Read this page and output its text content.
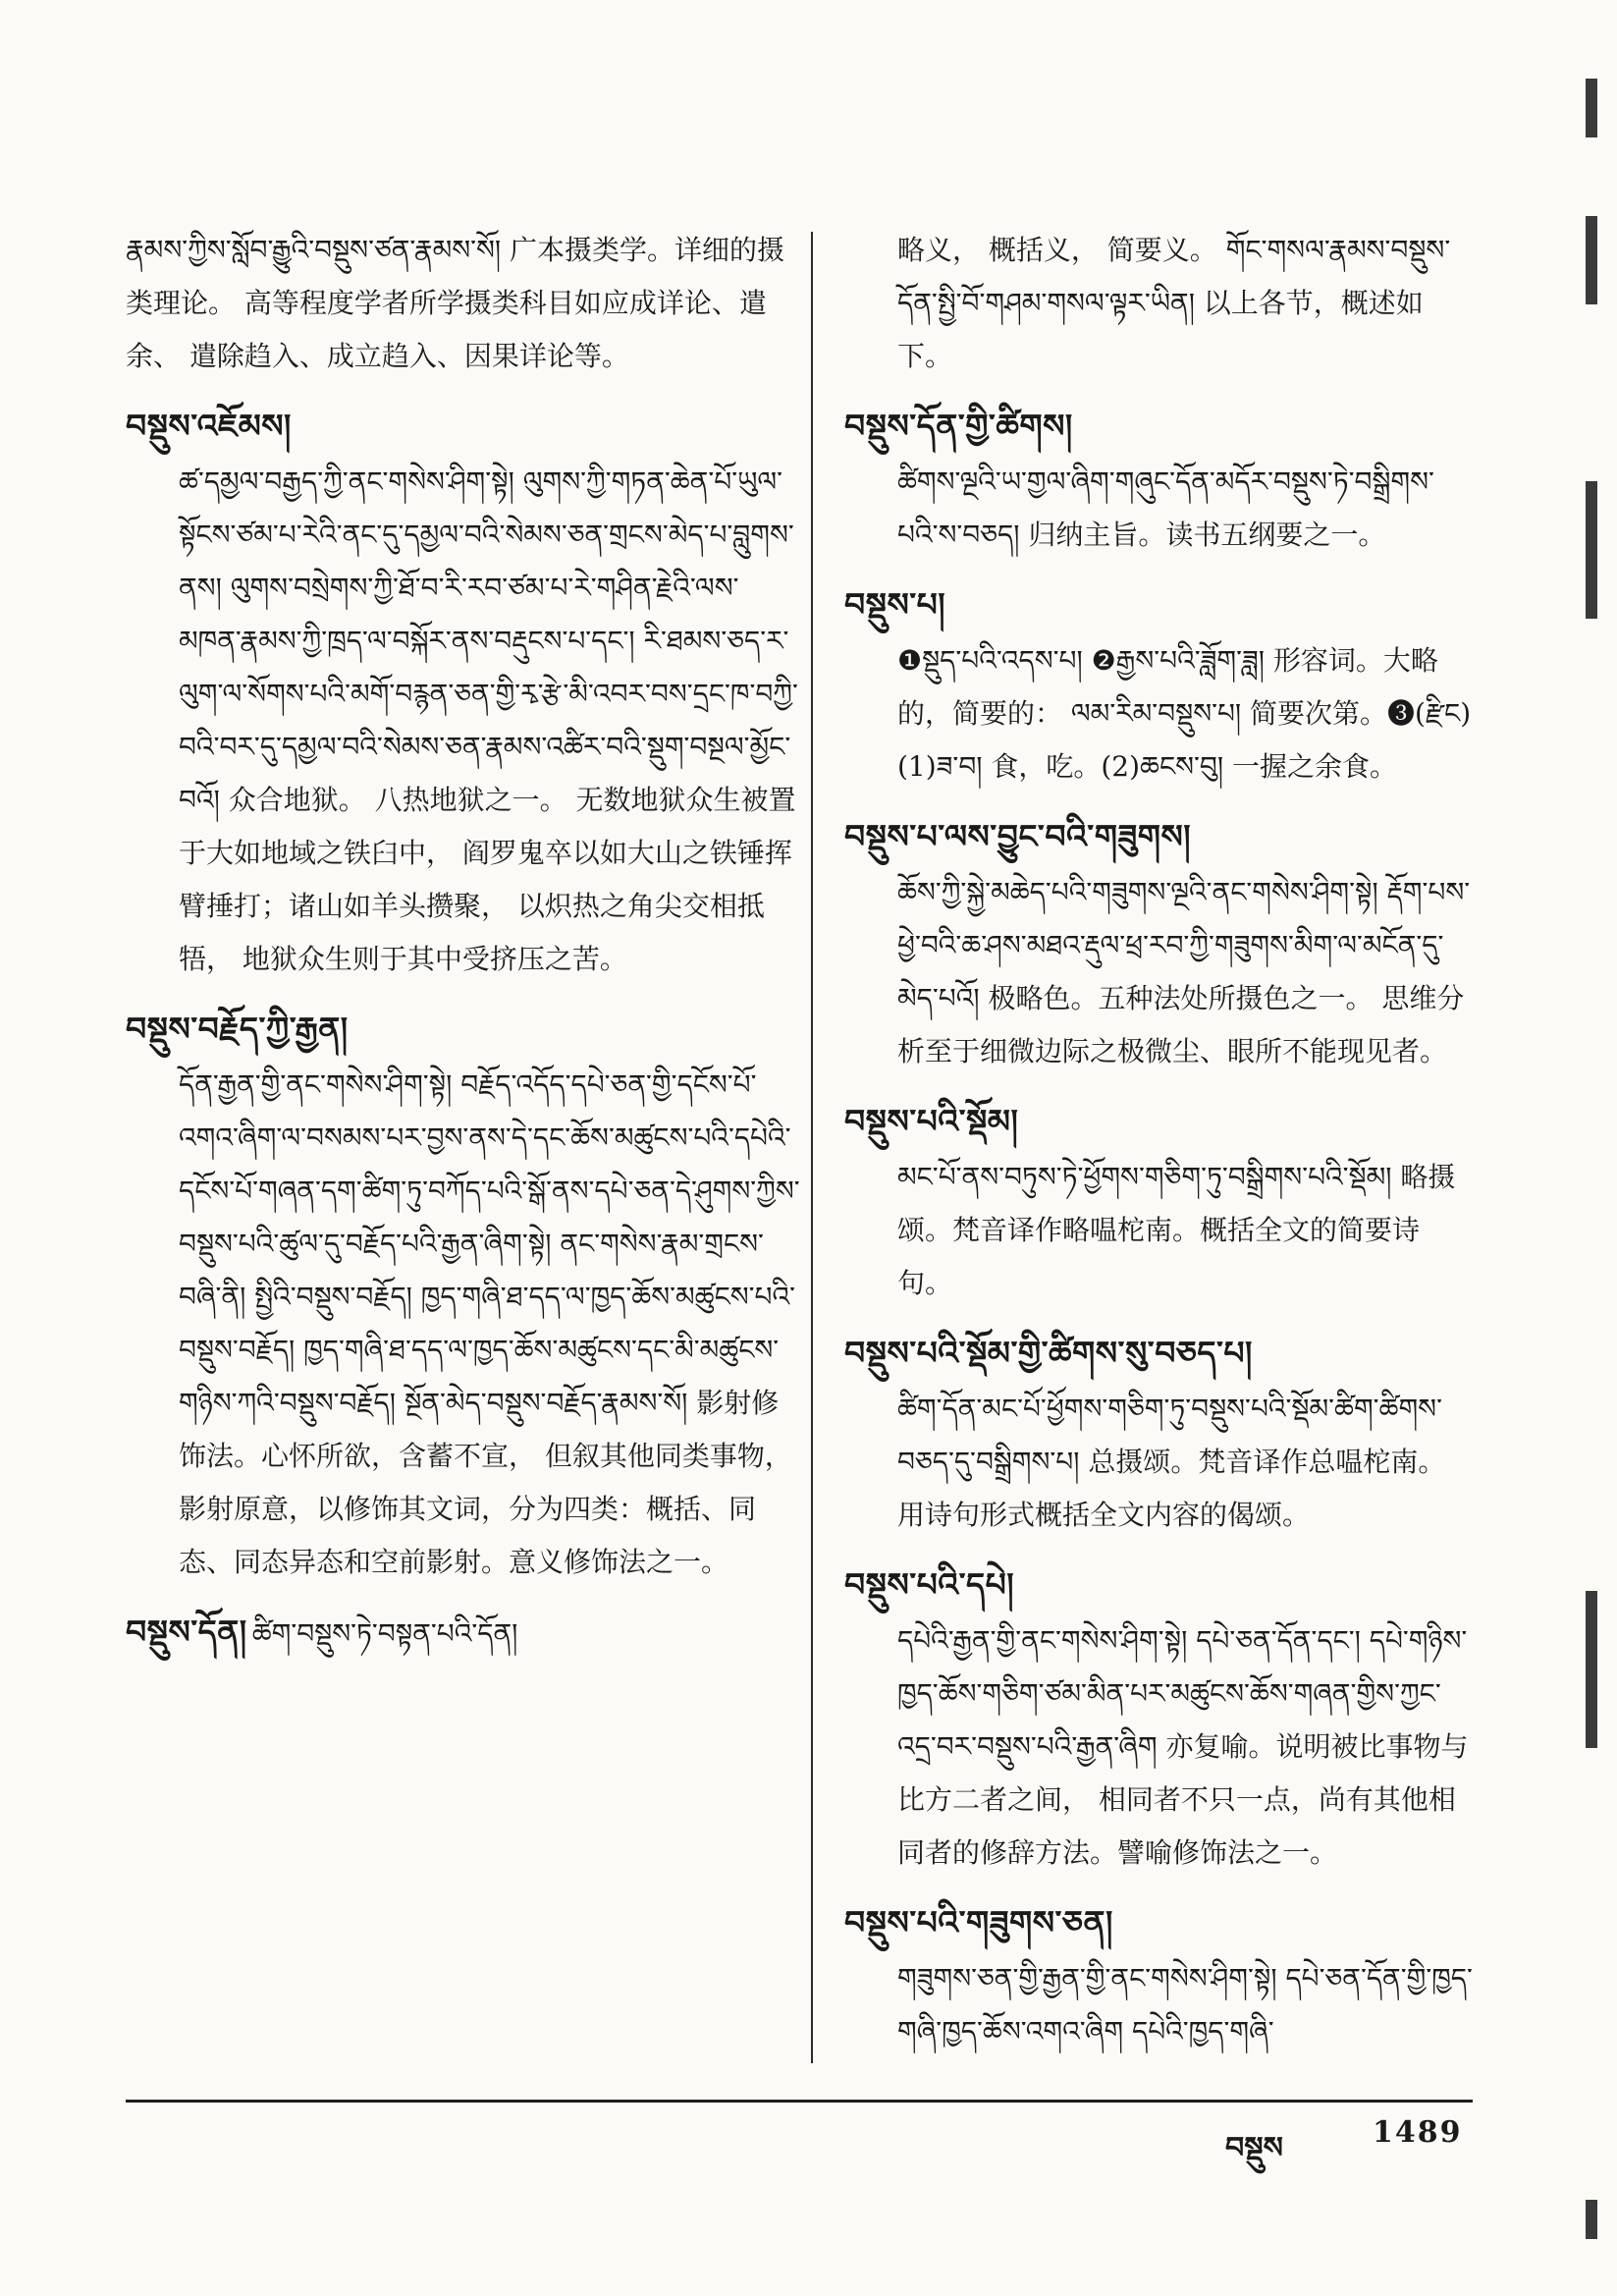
རྣམས་ཀྱིས་སློབ་རྒྱུའི་བསྡུས་ཙན་རྣམས་སོ། 广本摄类学。详细的摄类理论。 高等程度学者所学摄类科目如应成详论、遣余、 遣除趋入、成立趋入、因果详论等。
བསྡུས་འཇོམས།
ཚ་དམྱལ་བརྒྱད་ཀྱི་ནང་གསེས་ཤིག་སྟེ། ལུགས་ཀྱི་གཏན་ཆེན་པོ་ཡུལ་སྟོངས་ཙམ་པ་རེའི་ནང་དུ་དམྱལ་བའི་སེམས་ཅན་གྲངས་མེད་པ་བླུགས་ནས། ལུགས་བསྲེགས་ཀྱི་ཐོ་བ་རི་རབ་ཙམ་པ་རེ་གཤིན་རྗེའི་ལས་མཁན་རྣམས་ཀྱི་ཁྲད་ལ་བསྐོར་ནས་བརྡུངས་པ་དང་། རི་ཐམས་ཅད་ར་ལུག་ལ་སོགས་པའི་མགོ་བརྙན་ཅན་གྱི་རྭ་རྩེ་མི་འབར་བས་དྲང་ཁ་བཀྱི་བའི་བར་དུ་དམྱལ་བའི་སེམས་ཅན་རྣམས་འཚིར་བའི་སྡུག་བསྔལ་མྱོང་བའོ། 众合地狱。 八热地狱之一。 无数地狱众生被置于大如地域之铁臼中， 阎罗鬼卒以如大山之铁锤挥臂捶打；诸山如羊头攒聚， 以炽热之角尖交相抵牾， 地狱众生则于其中受挤压之苦。
བསྡུས་བརྗོད་ཀྱི་རྒྱན།
དོན་རྒྱན་གྱི་ནང་གསེས་ཤིག་སྟེ། བརྗོད་འདོད་དཔེ་ཅན་གྱི་དངོས་པོ་འགའ་ཞིག་ལ་བསམས་པར་བྱས་ནས་དེ་དང་ཆོས་མཚུངས་པའི་དཔེའི་དངོས་པོ་གཞན་དག་ཚིག་ཏུ་བཀོད་པའི་སྒོ་ནས་དཔེ་ཅན་དེ་ཤུགས་ཀྱིས་བསྡུས་པའི་ཚུལ་དུ་བརྗོད་པའི་རྒྱན་ཞིག་སྟེ། ནང་གསེས་རྣམ་གྲངས་བཞི་ནི། སྤྱིའི་བསྡུས་བརྗོད། ཁྱད་གཞི་ཐ་དད་ལ་ཁྱད་ཆོས་མཚུངས་པའི་བསྡུས་བརྗོད། ཁྱད་གཞི་ཐ་དད་ལ་ཁྱད་ཆོས་མཚུངས་དང་མི་མཚུངས་གཉིས་ཀའི་བསྡུས་བརྗོད། སྔོན་མེད་བསྡུས་བརྗོད་རྣམས་སོ། 影射修饰法。心怀所欲，含蓄不宣， 但叙其他同类事物，影射原意，以修饰其文词，分为四类：概括、同态、同态异态和空前影射。意义修饰法之一。
བསྡུས་དོན། ཚིག་བསྡུས་ཏེ་བསྟན་པའི་དོན།
略义， 概括义， 简要义。 གོང་གསལ་རྣམས་བསྡུས་དོན་སྤྱི་བོ་གཤམ་གསལ་ལྟར་ཡིན། 以上各节，概述如下。
བསྡུས་དོན་གྱི་ཚིགས།
ཚིགས་ལྔའི་ཡ་གྱལ་ཞིག་གཞུང་དོན་མདོར་བསྡུས་ཏེ་བསྒྲིགས་པའི་ས་བཅད། 归纳主旨。读书五纲要之一。
བསྡུས་པ།
❶སྡུད་པའི་འདས་པ། ❷རྒྱས་པའི་ཟློག་ཟླ། 形容词。大略的，简要的： ལམ་རིམ་བསྡུས་པ། 简要次第。❸(རྫིང) (1)ཟ་བ། 食，吃。(2)ཆངས་བུ། 一握之余食。
བསྡུས་པ་ལས་བྱུང་བའི་གཟུགས།
ཆོས་ཀྱི་སྐྱེ་མཆེད་པའི་གཟུགས་ལྔའི་ནང་གསེས་ཤིག་སྟེ། རྡོག་པས་ཕྱེ་བའི་ཆ་ཤས་མཐའ་རྡུལ་ཕྲ་རབ་ཀྱི་གཟུགས་མིག་ལ་མངོན་དུ་མེད་པའོ། 极略色。五种法处所摄色之一。 思维分析至于细微边际之极微尘、眼所不能现见者。
བསྡུས་པའི་སྡོམ།
མང་པོ་ནས་བཏུས་ཏེ་ཕྱོགས་གཅིག་ཏུ་བསྒྲིགས་པའི་སྡོམ། 略摄颂。梵音译作略嗢柁南。概括全文的简要诗句。
བསྡུས་པའི་སྡོམ་གྱི་ཚིགས་སུ་བཅད་པ།
ཚིག་དོན་མང་པོ་ཕྱོགས་གཅིག་ཏུ་བསྡུས་པའི་སྡོམ་ཚིག་ཚིགས་བཅད་དུ་བསྒྲིགས་པ། 总摄颂。梵音译作总嗢柁南。 用诗句形式概括全文内容的偈颂。
བསྡུས་པའི་དཔེ།
དཔེའི་རྒྱན་གྱི་ནང་གསེས་ཤིག་སྟེ། དཔེ་ཅན་དོན་དང་། དཔེ་གཉིས་ཁྱད་ཆོས་གཅིག་ཙམ་མིན་པར་མཚུངས་ཆོས་གཞན་གྱིས་ཀྱང་འདྲ་བར་བསྡུས་པའི་རྒྱན་ཞིག 亦复喻。说明被比事物与比方二者之间， 相同者不只一点，尚有其他相同者的修辞方法。譬喻修饰法之一。
བསྡུས་པའི་གཟུགས་ཅན།
གཟུགས་ཅན་གྱི་རྒྱན་གྱི་ནང་གསེས་ཤིག་སྟེ། དཔེ་ཅན་དོན་གྱི་ཁྱད་གཞི་ཁྱད་ཆོས་འགའ་ཞིག དཔེའི་ཁྱད་གཞི་
བསྡུས	1489
